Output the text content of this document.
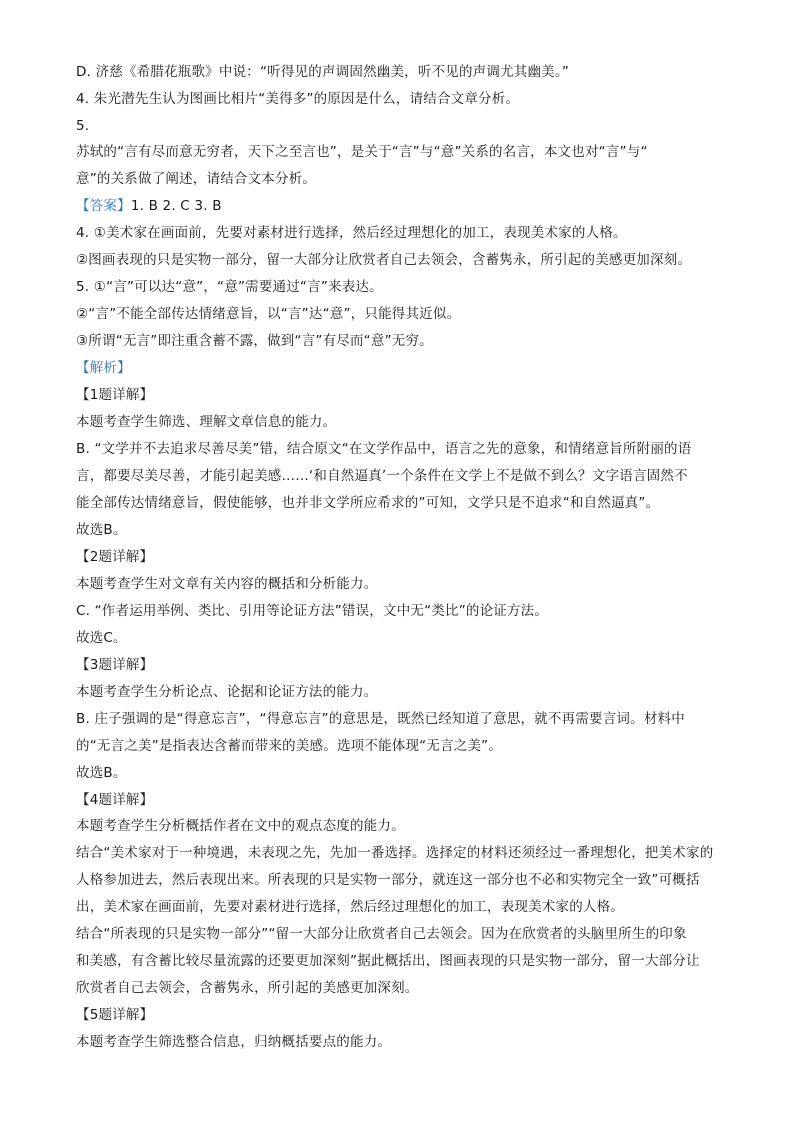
D. 济慈《希腊花瓶歌》中说：“听得见的声调固然幽美，听不见的声调尤其幽美。”
4. 朱光潜先生认为图画比相片“美得多”的原因是什么，请结合文章分析。
5.
苏轼的“言有尽而意无穷者，天下之至言也”，是关于“言”与“意”关系的名言，本文也对“言”与“
意”的关系做了阐述，请结合文本分析。
【答案】1. B 2. C 3. B
4. ①美术家在画面前，先要对素材进行选择，然后经过理想化的加工，表现美术家的人格。
②图画表现的只是实物一部分，留一大部分让欣赏者自己去领会，含蓄隽永，所引起的美感更加深刻。
5. ①“言”可以达“意”，“意”需要通过“言”来表达。
②“言”不能全部传达情绪意旨，以“言”达“意”，只能得其近似。
③所谓“无言”即注重含蓄不露，做到“言”有尽而“意”无穷。
【解析】
【1题详解】
本题考查学生筛选、理解文章信息的能力。
B. “文学并不去追求尽善尽美”错，结合原文“在文学作品中，语言之先的意象，和情绪意旨所附丽的语
言，都要尽美尽善，才能引起美感……‘和自然逼真’一个条件在文学上不是做不到么？文字语言固然不
能全部传达情绪意旨，假使能够，也并非文学所应希求的”可知，文学只是不追求“和自然逼真”。
故选B。
【2题详解】
本题考查学生对文章有关内容的概括和分析能力。
C. “作者运用举例、类比、引用等论证方法”错误，文中无“类比”的论证方法。
故选C。
【3题详解】
本题考查学生分析论点、论据和论证方法的能力。
B. 庄子强调的是“得意忘言”，“得意忘言”的意思是，既然已经知道了意思，就不再需要言词。材料中
的“无言之美”是指表达含蓄而带来的美感。选项不能体现“无言之美”。
故选B。
【4题详解】
本题考查学生分析概括作者在文中的观点态度的能力。
结合“美术家对于一种境遇，未表现之先，先加一番选择。选择定的材料还须经过一番理想化，把美术家的
人格参加进去，然后表现出来。所表现的只是实物一部分，就连这一部分也不必和实物完全一致”可概括
出，美术家在画面前，先要对素材进行选择，然后经过理想化的加工，表现美术家的人格。
结合“所表现的只是实物一部分”“留一大部分让欣赏者自己去领会。因为在欣赏者的头脑里所生的印象
和美感，有含蓄比较尽量流露的还要更加深刻”据此概括出，图画表现的只是实物一部分，留一大部分让
欣赏者自己去领会，含蓄隽永，所引起的美感更加深刻。
【5题详解】
本题考查学生筛选整合信息，归纳概括要点的能力。
